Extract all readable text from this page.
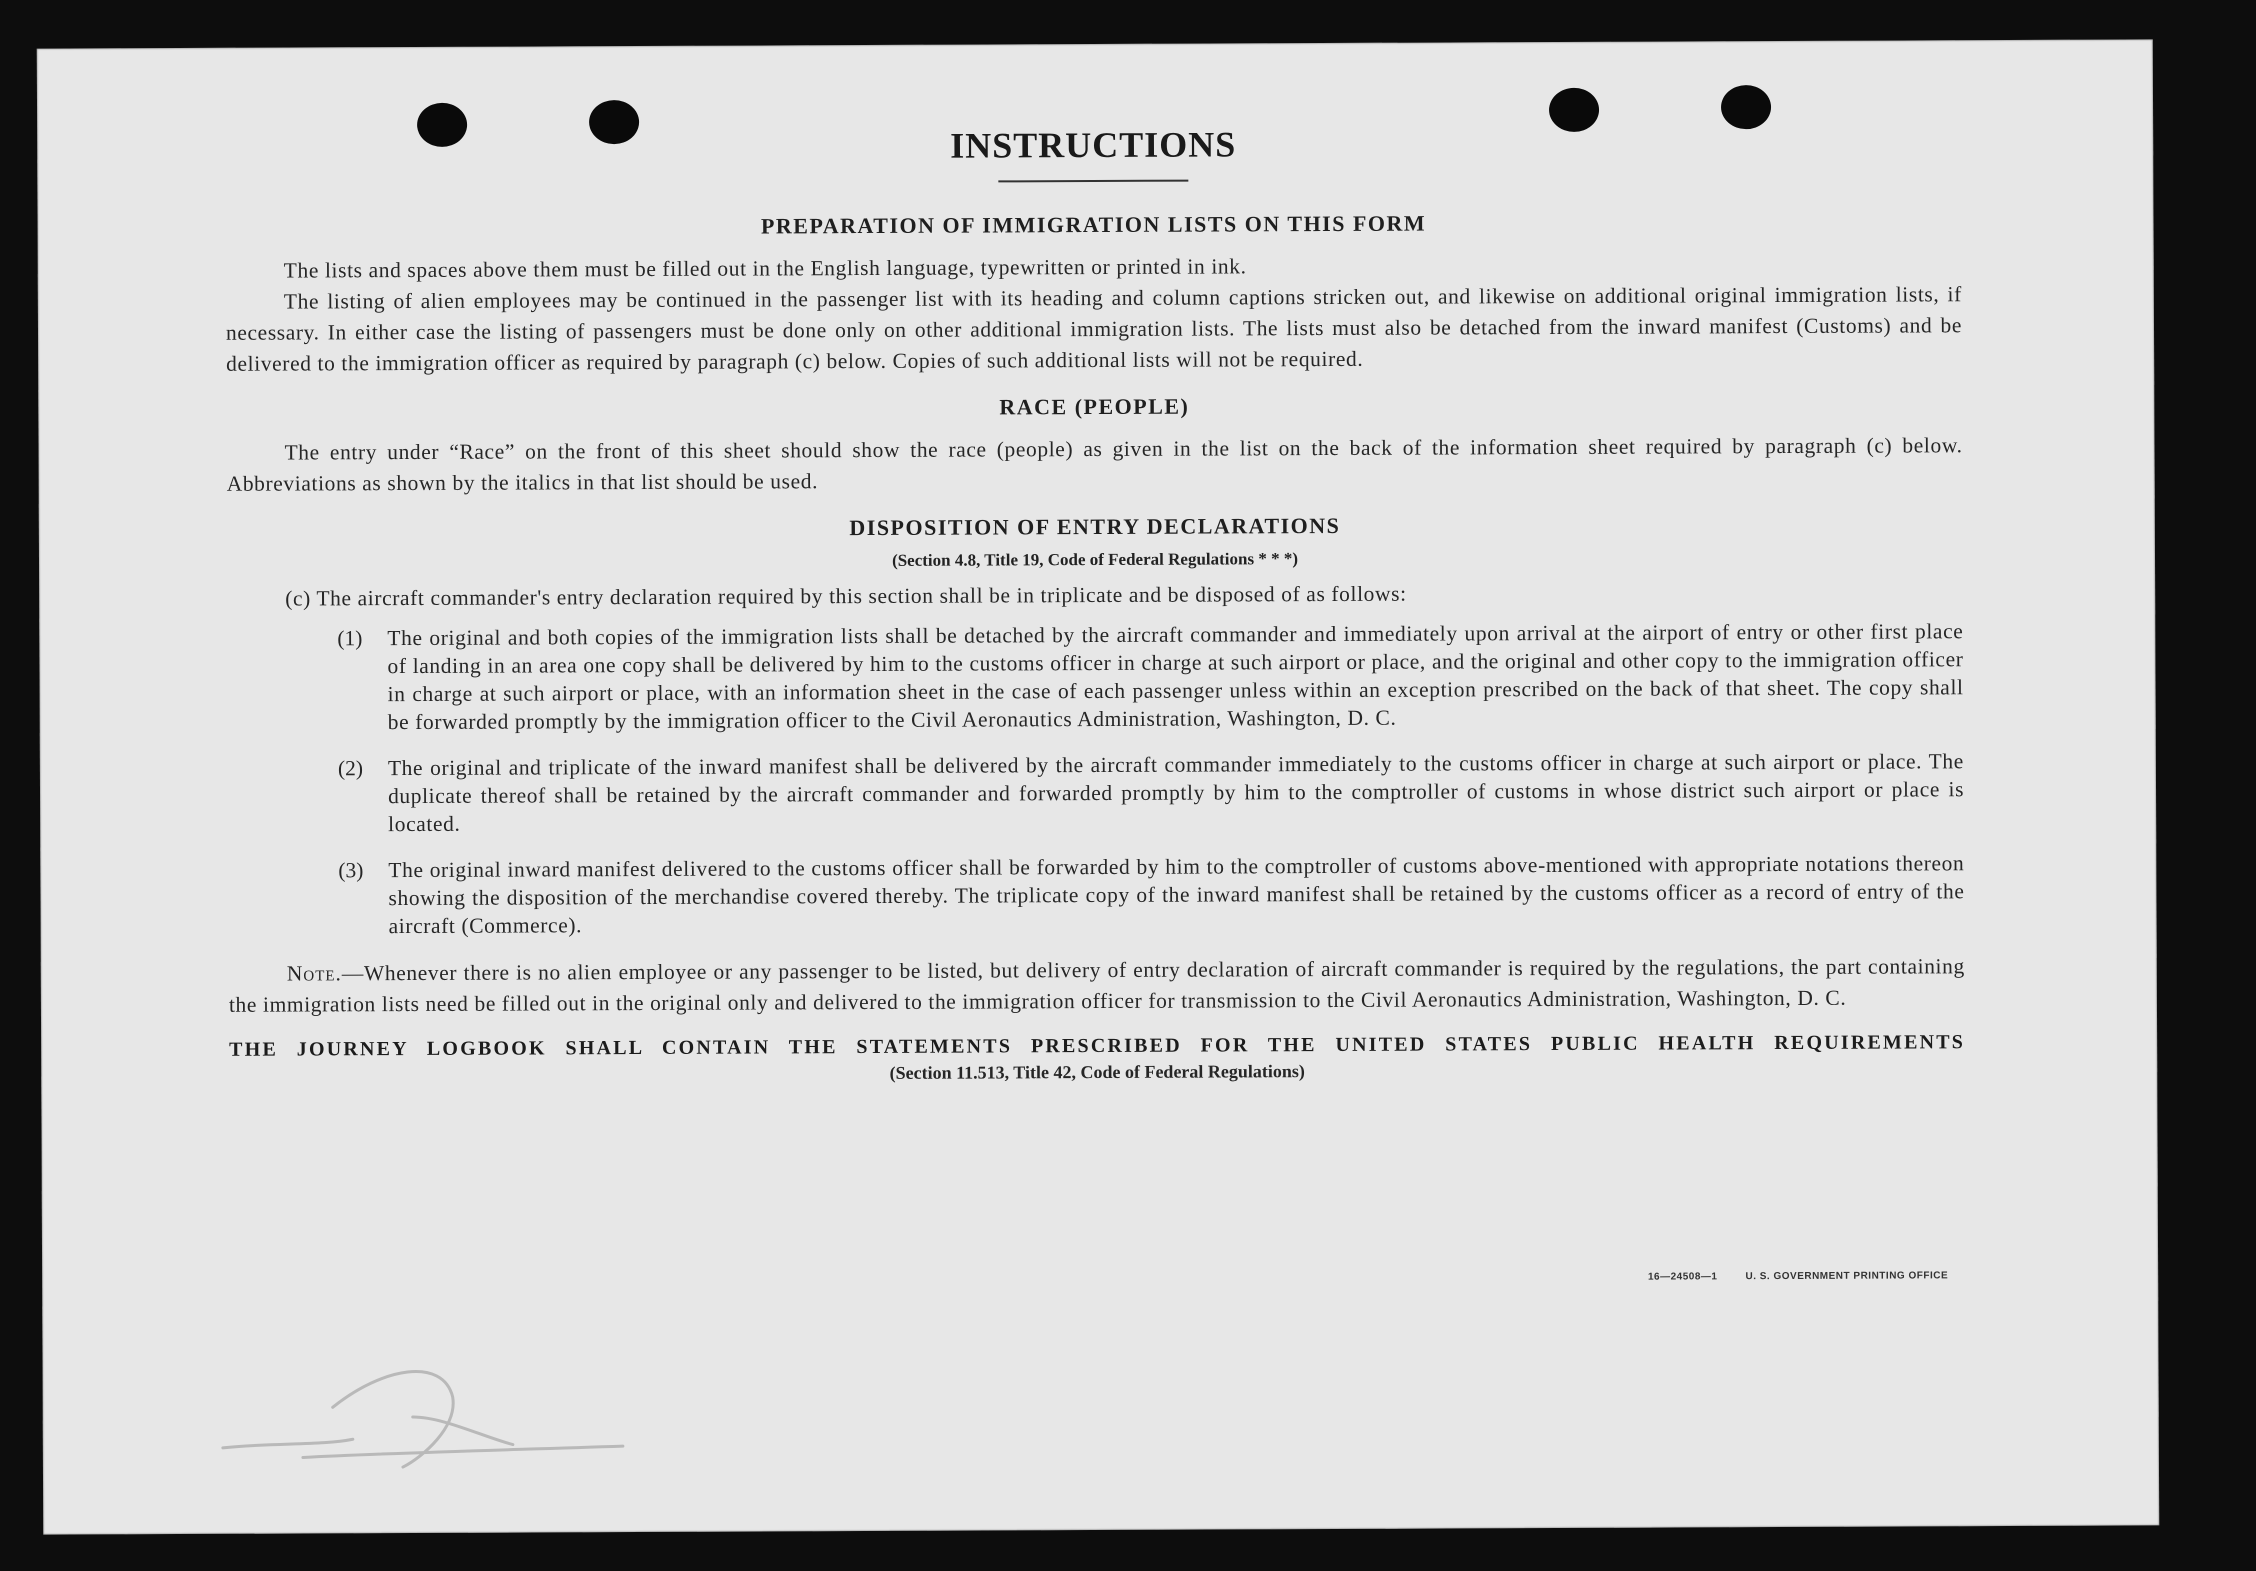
INSTRUCTIONS
PREPARATION OF IMMIGRATION LISTS ON THIS FORM

The lists and spaces above them must be filled out in the English language, typewritten or printed in ink.

The listing of alien employees may be continued in the passenger list with its heading and column captions stricken out, and likewise on additional original immigration lists, if necessary. In either case the listing of passengers must be done only on other additional immigration lists. The lists must also be detached from the inward manifest (Customs) and be delivered to the immigration officer as required by paragraph (c) below. Copies of such additional lists will not be required.

RACE (PEOPLE)

The entry under “Race” on the front of this sheet should show the race (people) as given in the list on the back of the information sheet required by paragraph (c) below. Abbreviations as shown by the italics in that list should be used.

DISPOSITION OF ENTRY DECLARATIONS
(Section 4.8, Title 19, Code of Federal Regulations * * *)
(c) The aircraft commander's entry declaration required by this section shall be in triplicate and be disposed of as follows:
(1)	The original and both copies of the immigration lists shall be detached by the aircraft commander and immediately upon arrival at the airport of entry or other first place of landing in an area one copy shall be delivered by him to the customs officer in charge at such airport or place, and the original and other copy to the immigration officer in charge at such airport or place, with an information sheet in the case of each passenger unless within an exception prescribed on the back of that sheet. The copy shall be forwarded promptly by the immigration officer to the Civil Aeronautics Administration, Washington, D. C.
(2)	The original and triplicate of the inward manifest shall be delivered by the aircraft commander immediately to the customs officer in charge at such airport or place. The duplicate thereof shall be retained by the aircraft commander and forwarded promptly by him to the comptroller of customs in whose district such airport or place is located.
(3)	The original inward manifest delivered to the customs officer shall be forwarded by him to the comptroller of customs above-mentioned with appropriate notations thereon showing the disposition of the merchandise covered thereby. The triplicate copy of the inward manifest shall be retained by the customs officer as a record of entry of the aircraft (Commerce).

Note.—Whenever there is no alien employee or any passenger to be listed, but delivery of entry declaration of aircraft commander is required by the regulations, the part containing the immigration lists need be filled out in the original only and delivered to the immigration officer for transmission to the Civil Aeronautics Administration, Washington, D. C.

THE JOURNEY LOGBOOK SHALL CONTAIN THE STATEMENTS PRESCRIBED FOR THE UNITED STATES PUBLIC HEALTH REQUIREMENTS
(Section 11.513, Title 42, Code of Federal Regulations)
16—24508—1	U. S. GOVERNMENT PRINTING OFFICE
